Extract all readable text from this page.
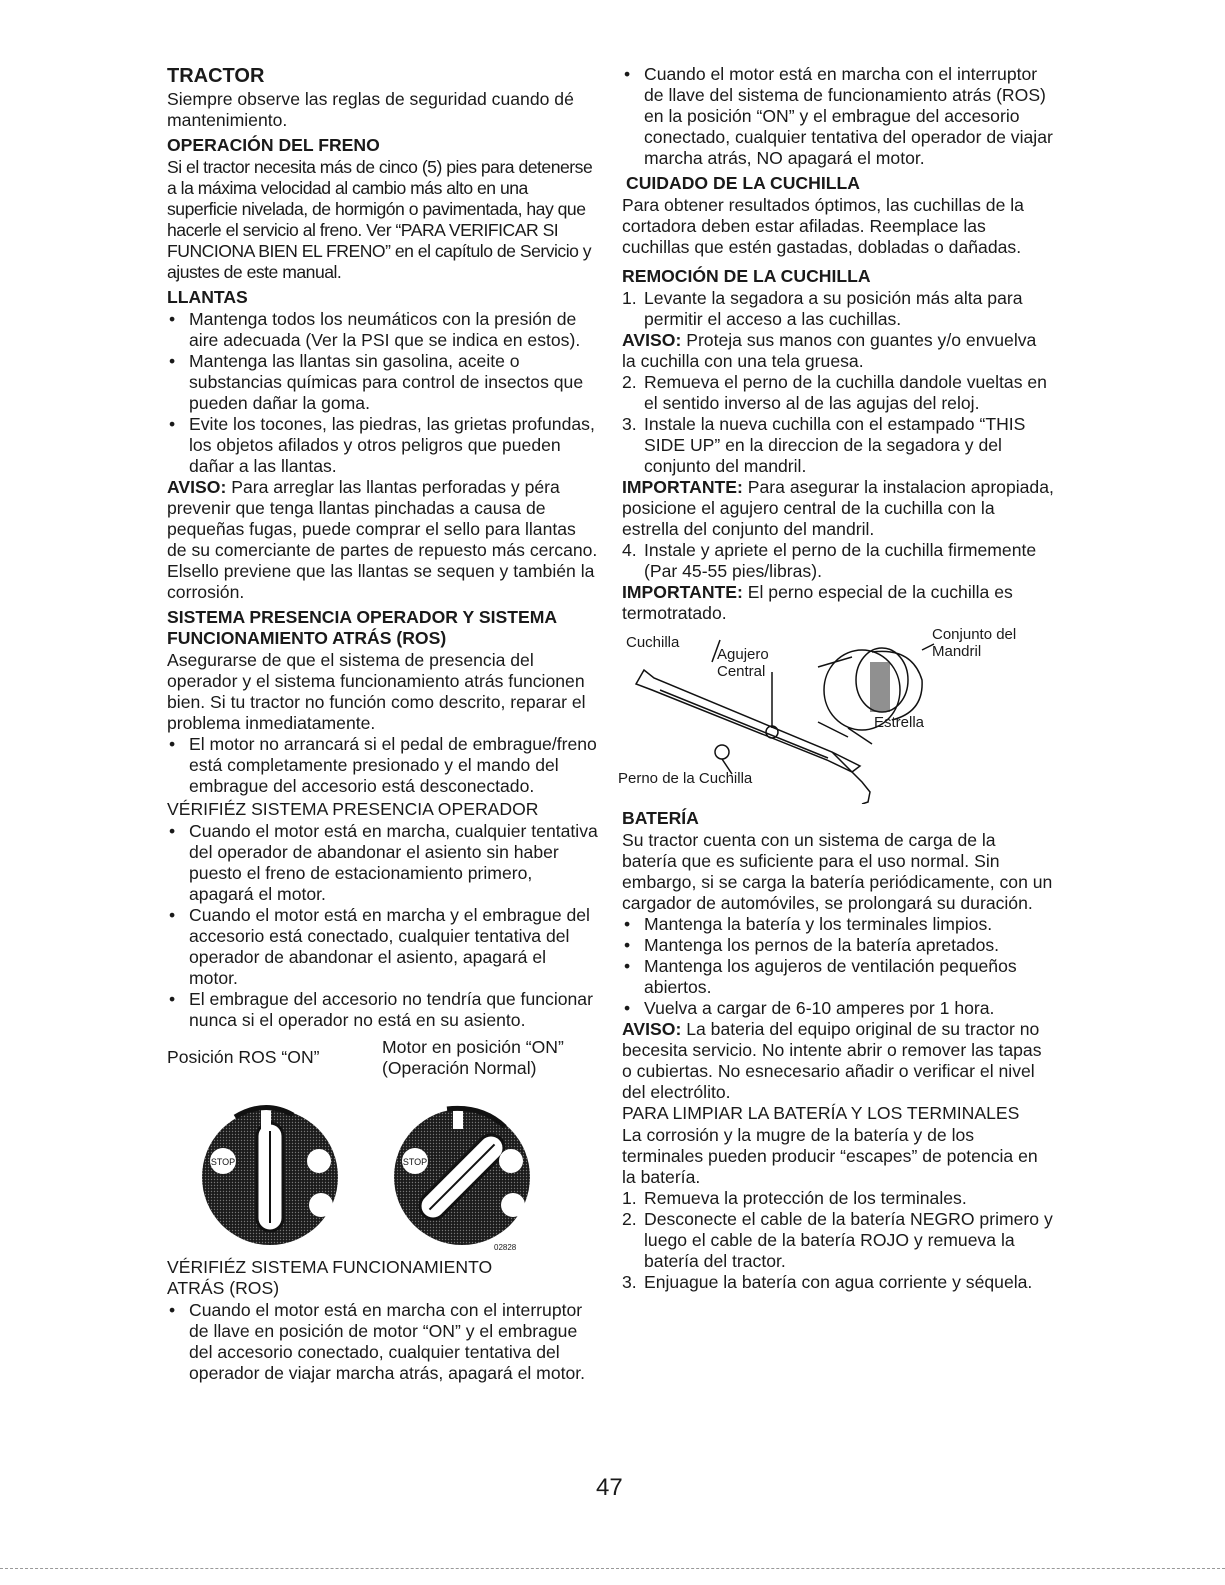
TRACTOR

Siempre observe las reglas de seguridad cuando dé mantenimiento.

OPERACIÓN DEL FRENO

Si el tractor necesita más de cinco (5) pies para detenerse a la máxima velocidad al cambio más alto en una superficie nivelada, de hormigón o pavimentada, hay que hacerle el servicio al freno. Ver “PARA VERIFICAR SI FUNCIONA BIEN EL FRENO” en el capítulo de Servicio y ajustes de este manual.

LLANTAS
• Mantenga todos los neumáticos con la presión de aire adecuada (Ver la PSI que se indica en estos).
• Mantenga las llantas sin gasolina, aceite o substancias químicas para control de insectos que pueden dañar la goma.
• Evite los tocones, las piedras, las grietas profundas, los objetos afilados y otros peligros que pueden dañar a las llantas.

AVISO: Para arreglar las llantas perforadas y péra prevenir que tenga llantas pinchadas a causa de pequeñas fugas, puede comprar el sello para llantas de su comerciante de partes de repuesto más cercano. Elsello previene que las llantas se sequen y también la corrosión.

SISTEMA PRESENCIA OPERADOR Y SISTEMA FUNCIONAMIENTO ATRÁS (ROS)

Asegurarse de que el sistema de presencia del operador y el sistema funcionamiento atrás funcionen bien. Si tu tractor no función como descrito, reparar el problema inmediatamente.

• El motor no arrancará si el pedal de embrague/freno está completamente presionado y el mando del embrague del accesorio está desconectado.
VÉRIFIÉZ SISTEMA PRESENCIA OPERADOR
• Cuando el motor está en marcha, cualquier tentativa del operador de abandonar el asiento sin haber puesto el freno de estacionamiento primero, apagará el motor.
• Cuando el motor está en marcha y el embrague del accesorio está conectado, cualquier tentativa del operador de abandonar el asiento, apagará el motor.
• El embrague del accesorio no tendría que funcionar nunca si el operador no está en su asiento.
Posición ROS “ON”	Motor en posición “ON”
(Operación Normal)
STOP	STOP
02828
VÉRIFIÉZ SISTEMA FUNCIONAMIENTO
ATRÁS (ROS)
• Cuando el motor está en marcha con el interruptor de llave en posición de motor “ON” y el embrague del accesorio conectado, cualquier tentativa del operador de viajar marcha atrás, apagará el motor.
• Cuando el motor está en marcha con el interruptor de llave del sistema de funcionamiento atrás (ROS) en la posición “ON” y el embrague del accesorio conectado, cualquier tentativa del operador de viajar marcha atrás, NO apagará el motor.
CUIDADO DE LA CUCHILLA

Para obtener resultados óptimos, las cuchillas de la cortadora deben estar afiladas. Reemplace las cuchillas que estén gastadas, dobladas o dañadas.

REMOCIÓN DE LA CUCHILLA
1. Levante la segadora a su posición más alta para permitir el acceso a las cuchillas.

AVISO: Proteja sus manos con guantes y/o envuelva la cuchilla con una tela gruesa.

2. Remueva el perno de la cuchilla dandole vueltas en el sentido inverso al de las agujas del reloj.
3. Instale la nueva cuchilla con el estampado “THIS SIDE UP” en la direccion de la segadora y del conjunto del mandril.

IMPORTANTE: Para asegurar la instalacion apropiada, posicione el agujero central de la cuchilla con la estrella del conjunto del mandril.

4. Instale y apriete el perno de la cuchilla firmemente (Par 45-55 pies/libras).

IMPORTANTE: El perno especial de la cuchilla es termotratado.

Cuchilla
Agujero
Central
Conjunto del
Mandril
Estrella
Perno de la Cuchilla
BATERÍA

Su tractor cuenta con un sistema de carga de la batería que es suficiente para el uso normal. Sin embargo, si se carga la batería periódicamente, con un cargador de automóviles, se prolongará su duración.

• Mantenga la batería y los terminales limpios.
• Mantenga los pernos de la batería apretados.
• Mantenga los agujeros de ventilación pequeños abiertos.
• Vuelva a cargar de 6-10 amperes por 1 hora.

AVISO: La bateria del equipo original de su tractor no becesita servicio. No intente abrir o remover las tapas o cubiertas. No esnecesario añadir o verificar el nivel del electrólito.

PARA LIMPIAR LA BATERÍA Y LOS TERMINALES

La corrosión y la mugre de la batería y de los terminales pueden producir “escapes” de potencia en la batería.

1. Remueva la protección de los terminales.
2. Desconecte el cable de la batería NEGRO primero y luego el cable de la batería ROJO y remueva la batería del tractor.
3. Enjuague la batería con agua corriente y séquela.
47
